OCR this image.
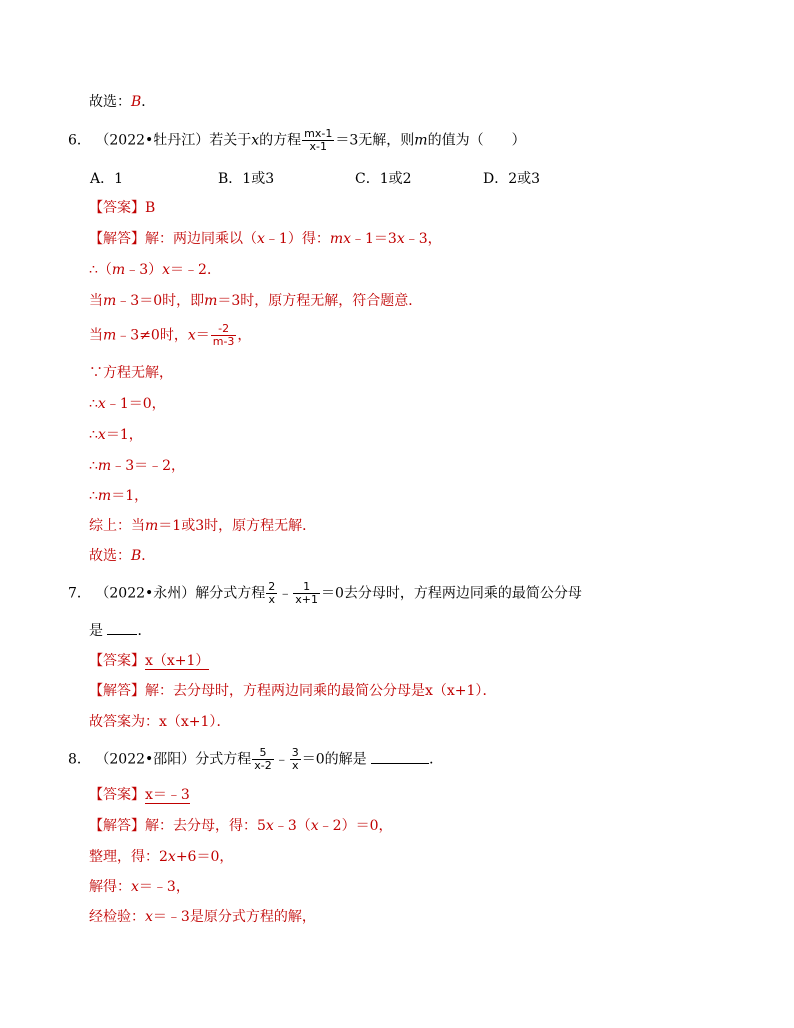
故选：B．
6． （2022•牡丹江）若关于x的方程 $\frac{mx-1}{x-1} =3$无解，则m的值为（　　）
A．1	B．1或3	C．1或2	D．2或3
【答案】B
【解答】解：两边同乘以（x﹣1）得：mx﹣1＝3x﹣3，
∴（m﹣3）x＝﹣2．
当m﹣3＝0时，即m＝3时，原方程无解，符合题意．
当m﹣3≠0时，$x= \frac{-2}{m-3}$ ，
∵方程无解，
∴x﹣1＝0，
∴x＝1，
∴m﹣3＝﹣2，
∴m＝1，
综上：当m＝1或3时，原方程无解．
故选：B．
7． （2022•永州）解分式方程 $\frac{2}{x}$ ﹣ $\frac{1}{x+1} =0$去分母时，方程两边同乘的最简公分母
是 ．
【答案】x（x+1）
【解答】解：去分母时，方程两边同乘的最简公分母是x（x+1）．
故答案为：x（x+1）．
8． （2022•邵阳）分式方程 $\frac{5}{x-2}$ ﹣ $\frac{3}{x} =0$的解是	．
【答案】x＝﹣3
【解答】解：去分母，得：5x﹣3（x﹣2）＝0，
整理，得：2x+6＝0，
解得：x＝﹣3，
经检验：x＝﹣3是原分式方程的解，
